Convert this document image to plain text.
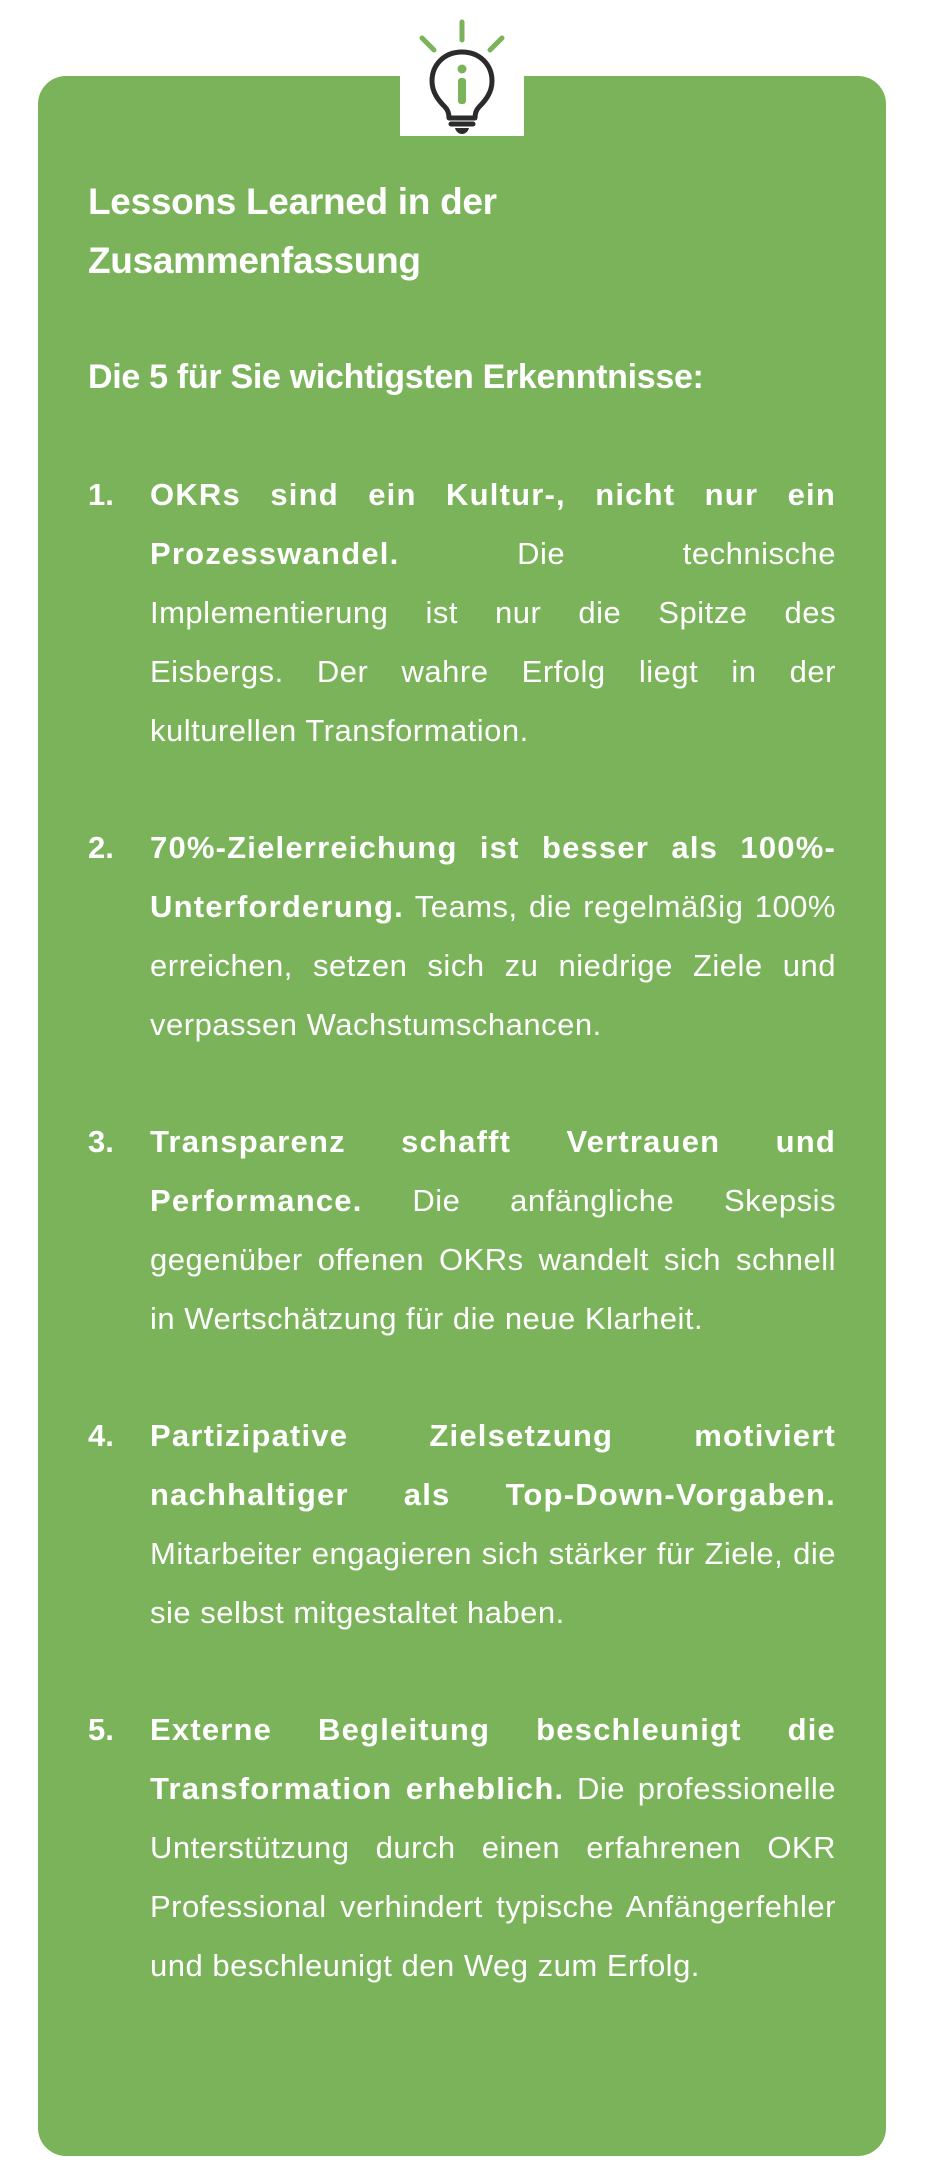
Lessons Learned in der Zusammenfassung

Die 5 für Sie wichtigsten Erkenntnisse:

1.	OKRs sind ein Kultur-, nicht nur ein Prozesswandel.	Die technische Implementierung ist nur die Spitze des Eisbergs. Der wahre Erfolg liegt in der kulturellen Transformation.

2.	70%-Zielerreichung ist besser als 100%-Unterforderung. Teams, die regelmäßig 100% erreichen, setzen sich zu niedrige Ziele und verpassen Wachstumschancen.

3.	Transparenz schafft Vertrauen und Performance. Die anfängliche Skepsis gegenüber offenen OKRs wandelt sich schnell in Wertschätzung für die neue Klarheit.

4.	Partizipative Zielsetzung motiviert nachhaltiger als Top-Down-Vorgaben. Mitarbeiter engagieren sich stärker für Ziele, die sie selbst mitgestaltet haben.

5.	Externe Begleitung beschleunigt die Transformation erheblich. Die professionelle Unterstützung durch einen erfahrenen OKR Professional verhindert typische Anfängerfehler und beschleunigt den Weg zum Erfolg.
